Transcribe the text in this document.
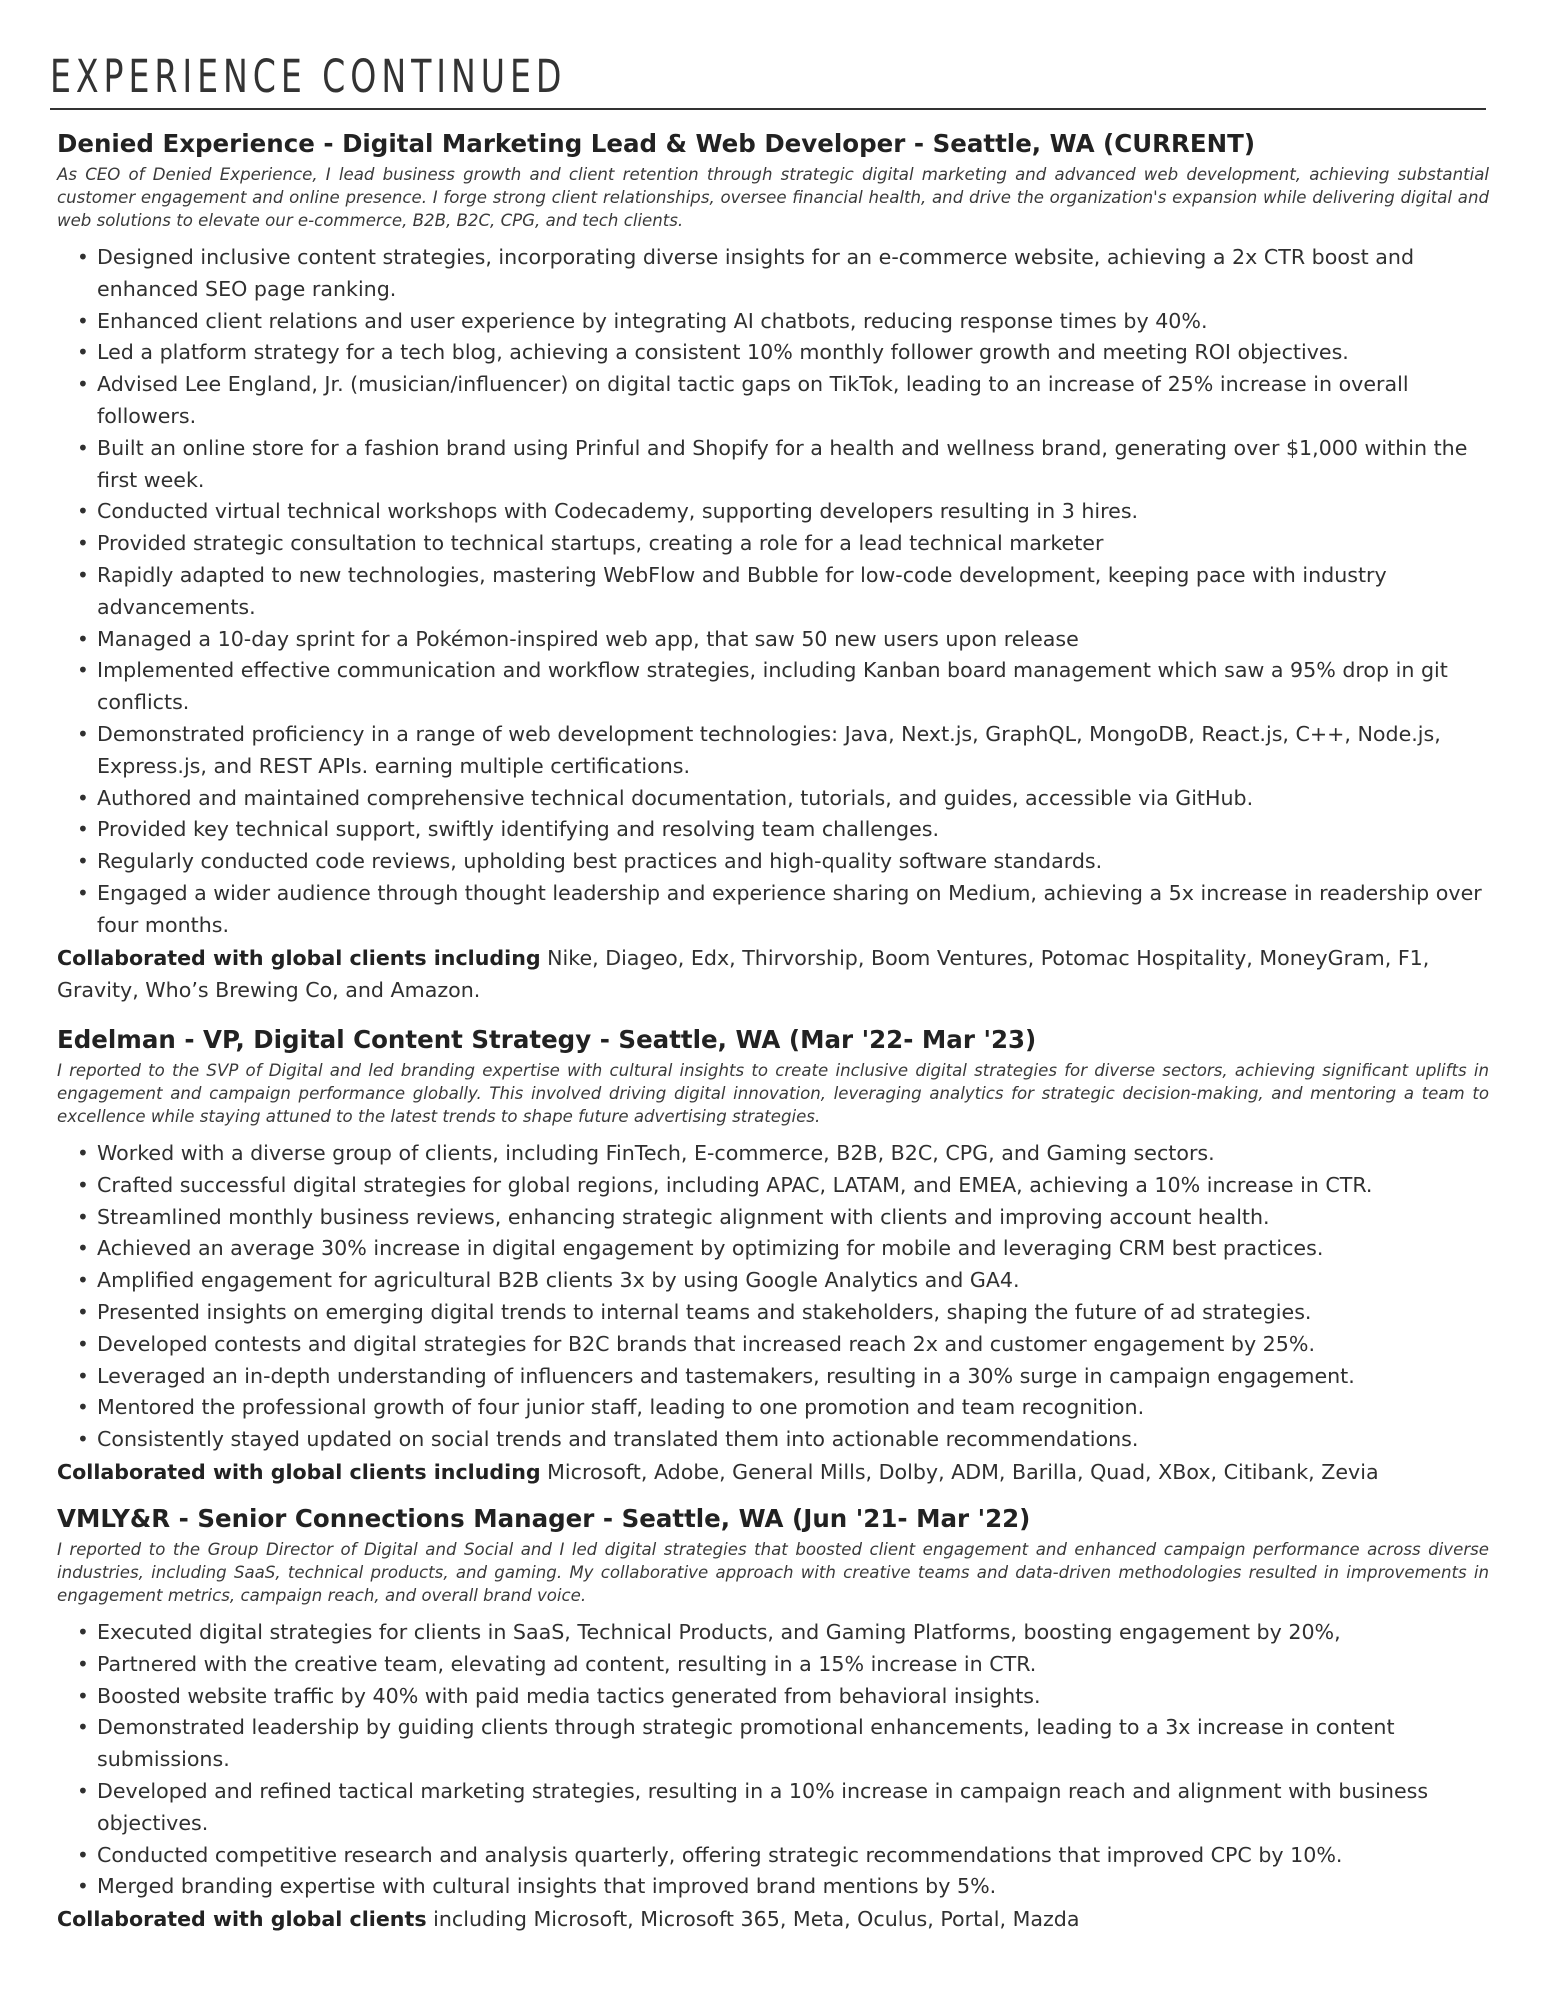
EXPERIENCE CONTINUED
Denied Experience - Digital Marketing Lead & Web Developer - Seattle, WA (CURRENT)

As CEO of Denied Experience, I lead business growth and client retention through strategic digital marketing and advanced web development, achieving substantial customer engagement and online presence. I forge strong client relationships, oversee financial health, and drive the organization's expansion while delivering digital and web solutions to elevate our e-commerce, B2B, B2C, CPG, and tech clients.

• Designed inclusive content strategies, incorporating diverse insights for an e-commerce website, achieving a 2x CTR boost and enhanced SEO page ranking.
• Enhanced client relations and user experience by integrating AI chatbots, reducing response times by 40%.
• Led a platform strategy for a tech blog, achieving a consistent 10% monthly follower growth and meeting ROI objectives.
• Advised Lee England, Jr. (musician/influencer) on digital tactic gaps on TikTok, leading to an increase of 25% increase in overall followers.
• Built an online store for a fashion brand using Prinful and Shopify for a health and wellness brand, generating over $1,000 within the first week.
• Conducted virtual technical workshops with Codecademy, supporting developers resulting in 3 hires.
• Provided strategic consultation to technical startups, creating a role for a lead technical marketer
• Rapidly adapted to new technologies, mastering WebFlow and Bubble for low-code development, keeping pace with industry advancements.
• Managed a 10-day sprint for a Pokémon-inspired web app, that saw 50 new users upon release
• Implemented effective communication and workflow strategies, including Kanban board management which saw a 95% drop in git conflicts.
• Demonstrated proficiency in a range of web development technologies: Java, Next.js, GraphQL, MongoDB, React.js, C++, Node.js, Express.js, and REST APIs. earning multiple certifications.
• Authored and maintained comprehensive technical documentation, tutorials, and guides, accessible via GitHub.
• Provided key technical support, swiftly identifying and resolving team challenges.
• Regularly conducted code reviews, upholding best practices and high-quality software standards.
• Engaged a wider audience through thought leadership and experience sharing on Medium, achieving a 5x increase in readership over four months.

Collaborated with global clients including Nike, Diageo, Edx, Thirvorship, Boom Ventures, Potomac Hospitality, MoneyGram, F1, Gravity, Who’s Brewing Co, and Amazon.

Edelman - VP, Digital Content Strategy - Seattle, WA (Mar '22- Mar '23)

I reported to the SVP of Digital and led branding expertise with cultural insights to create inclusive digital strategies for diverse sectors, achieving significant uplifts in engagement and campaign performance globally. This involved driving digital innovation, leveraging analytics for strategic decision-making, and mentoring a team to excellence while staying attuned to the latest trends to shape future advertising strategies.

• Worked with a diverse group of clients, including FinTech, E-commerce, B2B, B2C, CPG, and Gaming sectors.
• Crafted successful digital strategies for global regions, including APAC, LATAM, and EMEA, achieving a 10% increase in CTR.
• Streamlined monthly business reviews, enhancing strategic alignment with clients and improving account health.
• Achieved an average 30% increase in digital engagement by optimizing for mobile and leveraging CRM best practices.
• Amplified engagement for agricultural B2B clients 3x by using Google Analytics and GA4.
• Presented insights on emerging digital trends to internal teams and stakeholders, shaping the future of ad strategies.
• Developed contests and digital strategies for B2C brands that increased reach 2x and customer engagement by 25%.
• Leveraged an in-depth understanding of influencers and tastemakers, resulting in a 30% surge in campaign engagement.
• Mentored the professional growth of four junior staff, leading to one promotion and team recognition.
• Consistently stayed updated on social trends and translated them into actionable recommendations.

Collaborated with global clients including Microsoft, Adobe, General Mills, Dolby, ADM, Barilla, Quad, XBox, Citibank, Zevia

VMLY&R - Senior Connections Manager - Seattle, WA (Jun '21- Mar '22)

I reported to the Group Director of Digital and Social and I led digital strategies that boosted client engagement and enhanced campaign performance across diverse industries, including SaaS, technical products, and gaming. My collaborative approach with creative teams and data-driven methodologies resulted in improvements in engagement metrics, campaign reach, and overall brand voice.

• Executed digital strategies for clients in SaaS, Technical Products, and Gaming Platforms, boosting engagement by 20%,
• Partnered with the creative team, elevating ad content, resulting in a 15% increase in CTR.
• Boosted website traffic by 40% with paid media tactics generated from behavioral insights.
• Demonstrated leadership by guiding clients through strategic promotional enhancements, leading to a 3x increase in content submissions.
• Developed and refined tactical marketing strategies, resulting in a 10% increase in campaign reach and alignment with business objectives.
• Conducted competitive research and analysis quarterly, offering strategic recommendations that improved CPC by 10%.
• Merged branding expertise with cultural insights that improved brand mentions by 5%.

Collaborated with global clients including Microsoft, Microsoft 365, Meta, Oculus, Portal, Mazda
